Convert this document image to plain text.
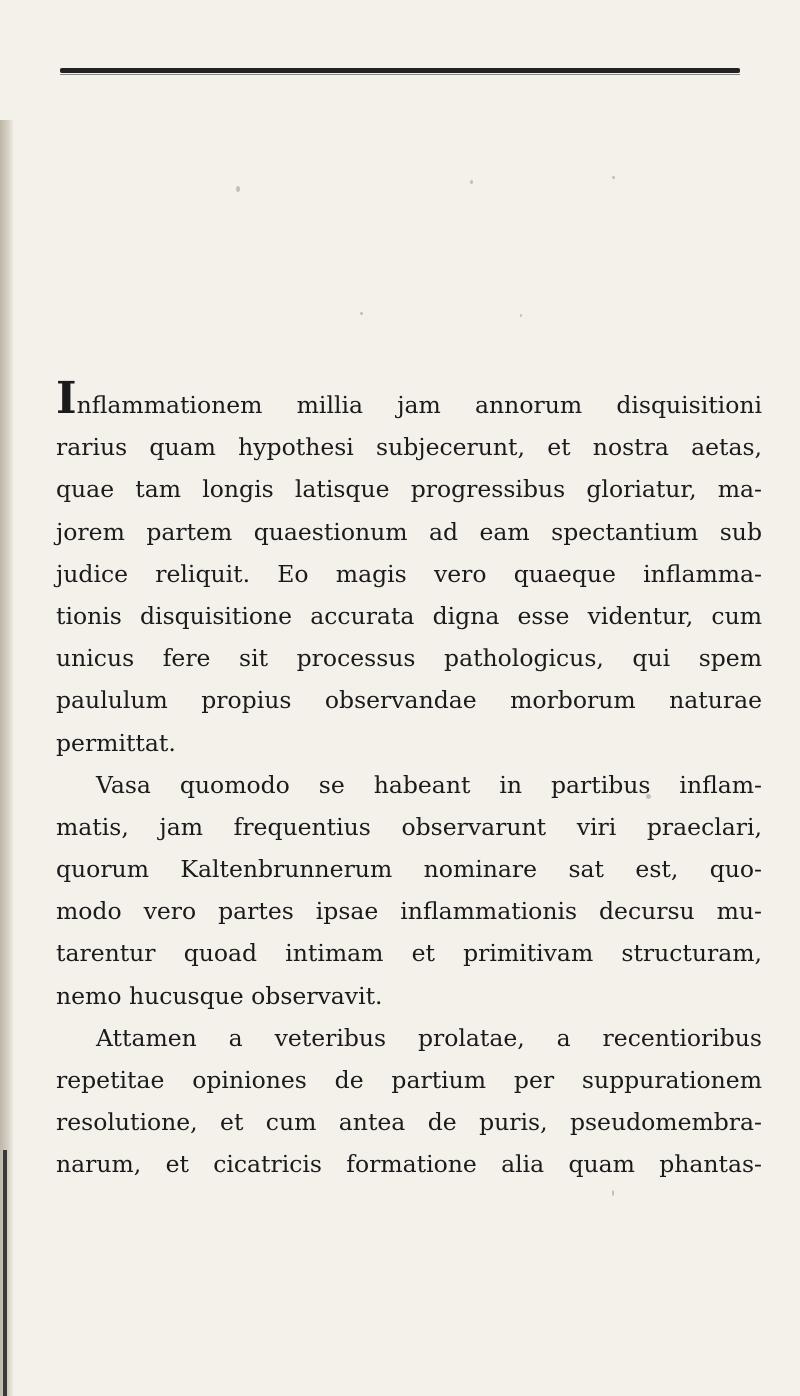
Inflammationem millia jam annorum disquisitioni
rarius quam hypothesi subjecerunt, et nostra aetas,
quae tam longis latisque progressibus gloriatur, ma-
jorem partem quaestionum ad eam spectantium sub
judice reliquit. Eo magis vero quaeque inflamma-
tionis disquisitione accurata digna esse videntur, cum
unicus fere sit processus pathologicus, qui spem
paululum propius observandae morborum naturae
permittat.
Vasa quomodo se habeant in partibus inflam-
matis, jam frequentius observarunt viri praeclari,
quorum Kaltenbrunnerum nominare sat est, quo-
modo vero partes ipsae inflammationis decursu mu-
tarentur quoad intimam et primitivam structuram,
nemo hucusque observavit.
Attamen a veteribus prolatae, a recentioribus
repetitae opiniones de partium per suppurationem
resolutione, et cum antea de puris, pseudomembra-
narum, et cicatricis formatione alia quam phantas-
